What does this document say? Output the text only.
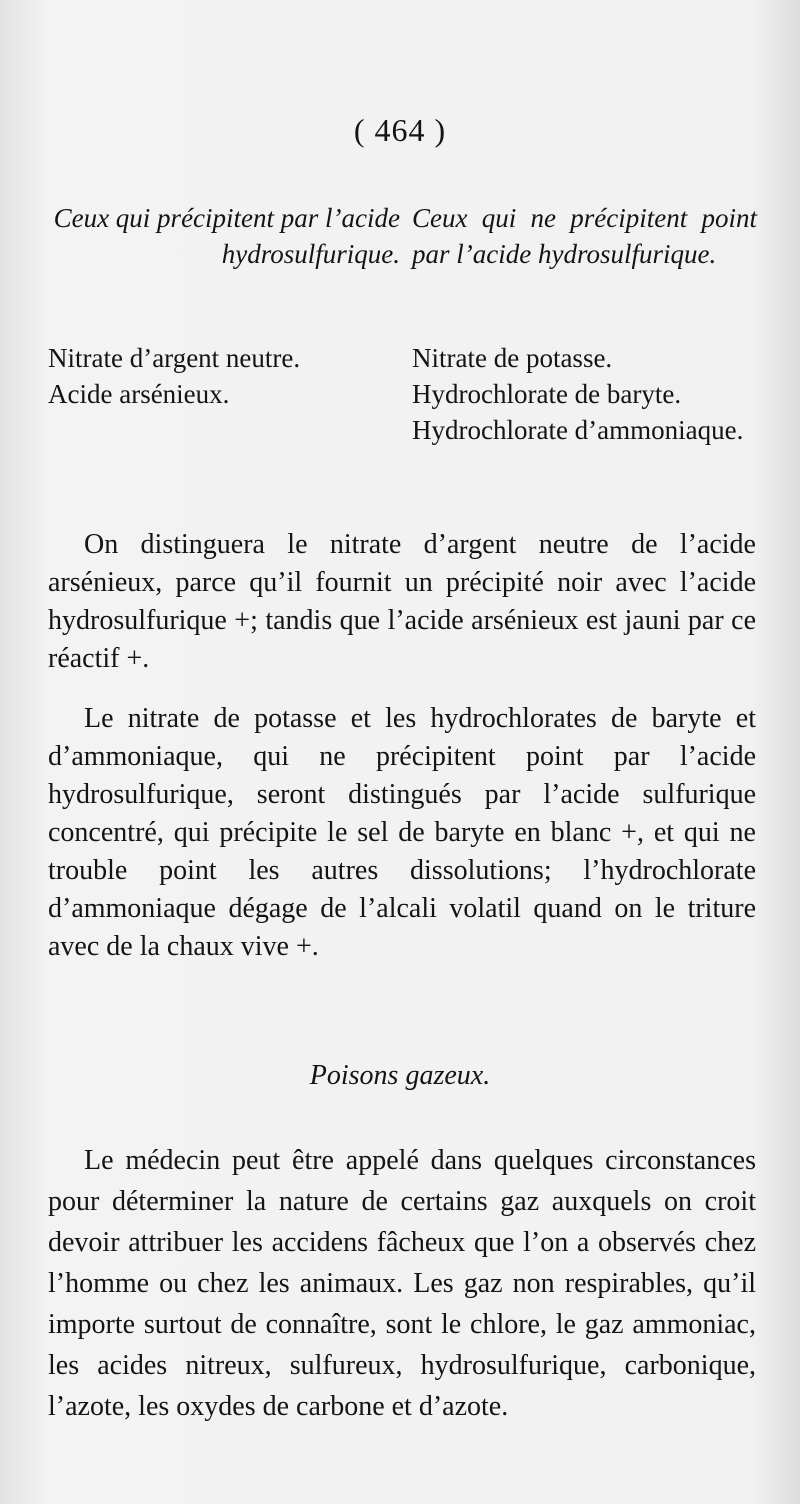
( 464 )
Ceux qui précipitent par l’acide hydrosulfurique.
Ceux qui ne précipitent point par l’acide hydrosulfurique.
Nitrate d’argent neutre.
Acide arsénieux.
Nitrate de potasse.
Hydrochlorate de baryte.
Hydrochlorate d’ammoniaque.

On distinguera le nitrate d’argent neutre de l’acide arsénieux, parce qu’il fournit un précipité noir avec l’acide hydrosulfurique +; tandis que l’acide arsénieux est jauni par ce réactif +.

Le nitrate de potasse et les hydrochlorates de baryte et d’ammoniaque, qui ne précipitent point par l’acide hydrosulfurique, seront distingués par l’acide sulfurique concentré, qui précipite le sel de baryte en blanc +, et qui ne trouble point les autres dissolutions; l’hydrochlorate d’ammoniaque dégage de l’alcali volatil quand on le triture avec de la chaux vive +.

Poisons gazeux.

Le médecin peut être appelé dans quelques circonstances pour déterminer la nature de certains gaz auxquels on croit devoir attribuer les accidens fâcheux que l’on a observés chez l’homme ou chez les animaux. Les gaz non respirables, qu’il importe surtout de connaître, sont le chlore, le gaz ammoniac, les acides nitreux, sulfureux, hydrosulfurique, carbonique, l’azote, les oxydes de carbone et d’azote.
